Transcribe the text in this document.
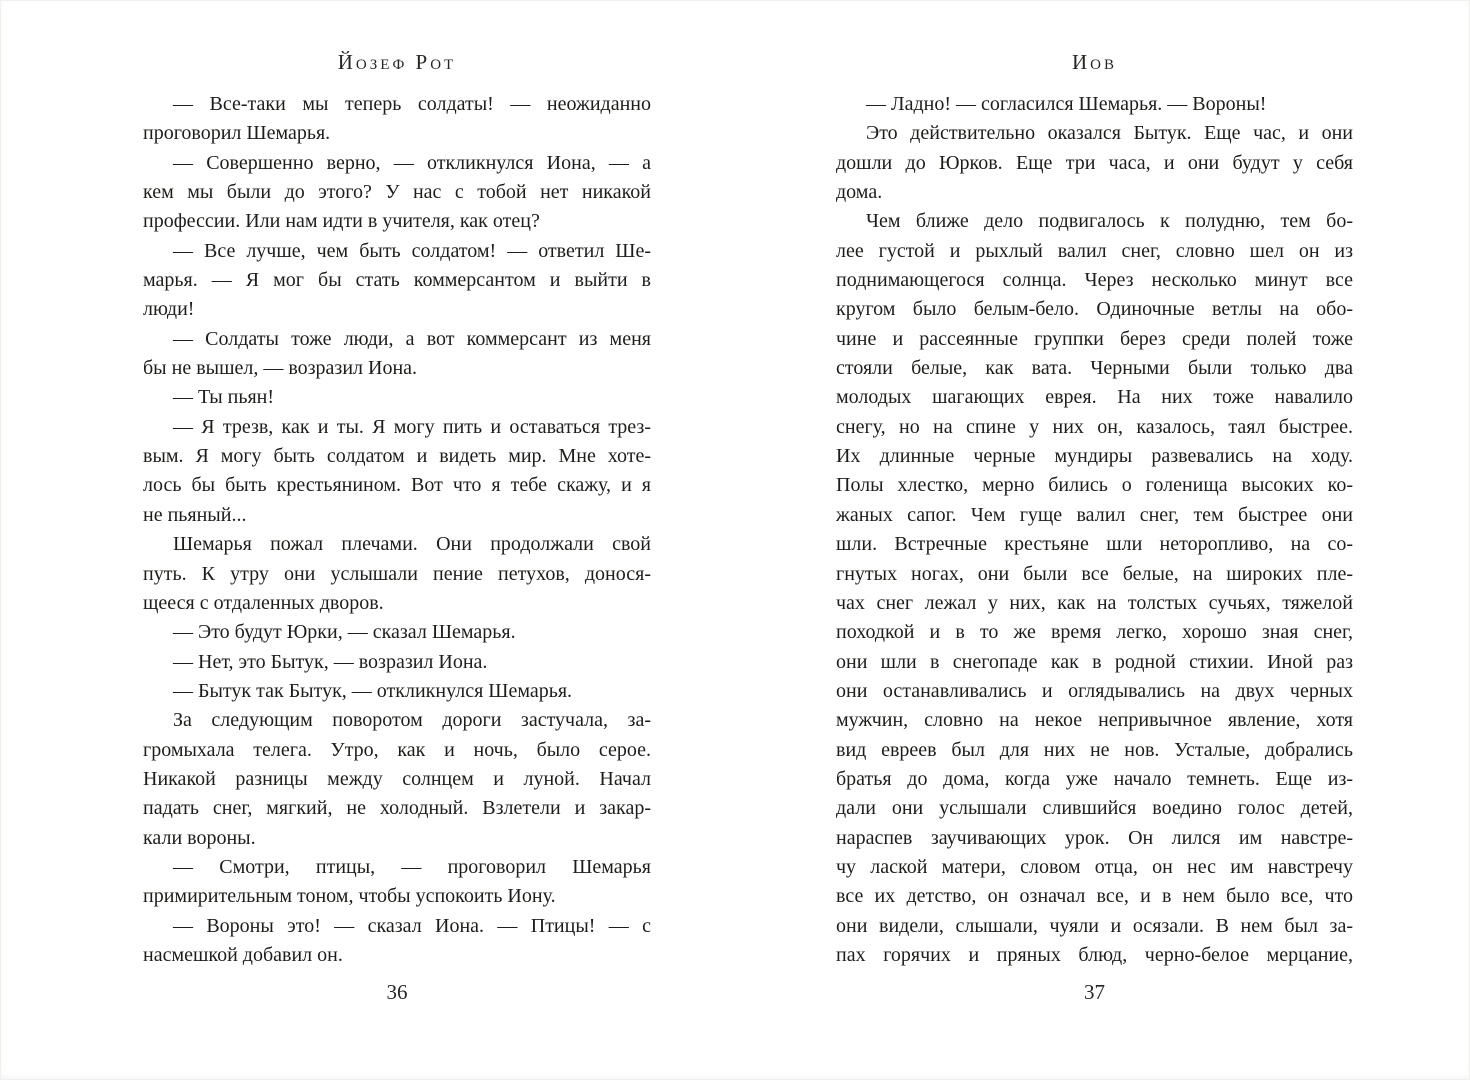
Йозеф Рот
— Все-таки мы теперь солдаты! — неожиданно
проговорил Шемарья.
— Совершенно верно, — откликнулся Иона, — а
кем мы были до этого? У нас с тобой нет никакой
профессии. Или нам идти в учителя, как отец?
— Все лучше, чем быть солдатом! — ответил Ше-
марья. — Я мог бы стать коммерсантом и выйти в
люди!
— Солдаты тоже люди, а вот коммерсант из меня
бы не вышел, — возразил Иона.
— Ты пьян!
— Я трезв, как и ты. Я могу пить и оставаться трез-
вым. Я могу быть солдатом и видеть мир. Мне хоте-
лось бы быть крестьянином. Вот что я тебе скажу, и я
не пьяный...
Шемарья пожал плечами. Они продолжали свой
путь. К утру они услышали пение петухов, донося-
щееся с отдаленных дворов.
— Это будут Юрки, — сказал Шемарья.
— Нет, это Бытук, — возразил Иона.
— Бытук так Бытук, — откликнулся Шемарья.
За следующим поворотом дороги застучала, за-
громыхала телега. Утро, как и ночь, было серое.
Никакой разницы между солнцем и луной. Начал
падать снег, мягкий, не холодный. Взлетели и закар-
кали вороны.
— Смотри, птицы, — проговорил Шемарья
примирительным тоном, чтобы успокоить Иону.
— Вороны это! — сказал Иона. — Птицы! — с
насмешкой добавил он.
36
Иов
— Ладно! — согласился Шемарья. — Вороны!
Это действительно оказался Бытук. Еще час, и они
дошли до Юрков. Еще три часа, и они будут у себя
дома.
Чем ближе дело подвигалось к полудню, тем бо-
лее густой и рыхлый валил снег, словно шел он из
поднимающегося солнца. Через несколько минут все
кругом было белым-бело. Одиночные ветлы на обо-
чине и рассеянные группки берез среди полей тоже
стояли белые, как вата. Черными были только два
молодых шагающих еврея. На них тоже навалило
снегу, но на спине у них он, казалось, таял быстрее.
Их длинные черные мундиры развевались на ходу.
Полы хлестко, мерно бились о голенища высоких ко-
жаных сапог. Чем гуще валил снег, тем быстрее они
шли. Встречные крестьяне шли неторопливо, на со-
гнутых ногах, они были все белые, на широких пле-
чах снег лежал у них, как на толстых сучьях, тяжелой
походкой и в то же время легко, хорошо зная снег,
они шли в снегопаде как в родной стихии. Иной раз
они останавливались и оглядывались на двух черных
мужчин, словно на некое непривычное явление, хотя
вид евреев был для них не нов. Усталые, добрались
братья до дома, когда уже начало темнеть. Еще из-
дали они услышали слившийся воедино голос детей,
нараспев заучивающих урок. Он лился им навстре-
чу лаской матери, словом отца, он нес им навстречу
все их детство, он означал все, и в нем было все, что
они видели, слышали, чуяли и осязали. В нем был за-
пах горячих и пряных блюд, черно-белое мерцание,
37
